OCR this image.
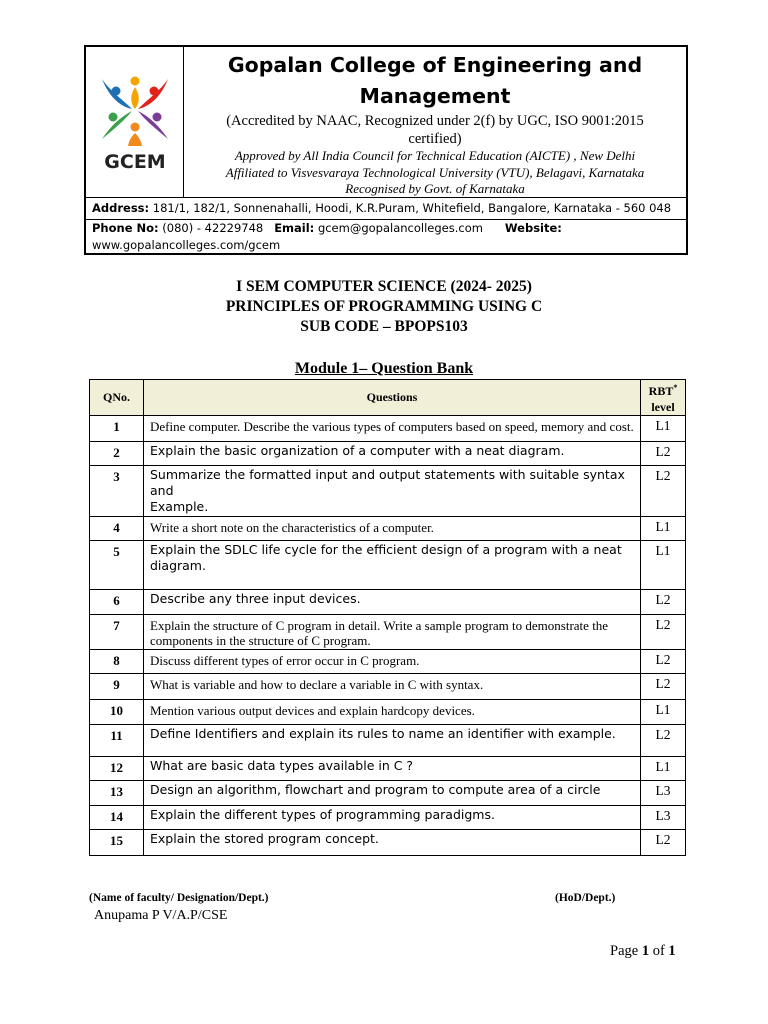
GCEM
Gopalan College of Engineering and Management
(Accredited by NAAC, Recognized under 2(f) by UGC, ISO 9001:2015 certified)
Approved by All India Council for Technical Education (AICTE) , New Delhi
Affiliated to Visvesvaraya Technological University (VTU), Belagavi, Karnataka
Recognised by Govt. of Karnataka
Address: 181/1, 182/1, Sonnenahalli, Hoodi, K.R.Puram, Whitefield, Bangalore, Karnataka - 560 048
Phone No: (080) - 42229748 Email: gcem@gopalancolleges.com Website:
www.gopalancolleges.com/gcem
I SEM COMPUTER SCIENCE (2024- 2025)
PRINCIPLES OF PROGRAMMING USING C
SUB CODE – BPOPS103
Module 1– Question Bank
QNo.	Questions	RBT*
level
1	Define computer. Describe the various types of computers based on speed, memory and cost.	L1
2	Explain the basic organization of a computer with a neat diagram.	L2
3	Summarize the formatted input and output statements with suitable syntax and
Example.	L2
4	Write a short note on the characteristics of a computer.	L1
5	Explain the SDLC life cycle for the efficient design of a program with a neat
diagram.	L1
6	Describe any three input devices.	L2
7	Explain the structure of C program in detail. Write a sample program to demonstrate the components in the structure of C program.	L2
8	Discuss different types of error occur in C program.	L2
9	What is variable and how to declare a variable in C with syntax.	L2
10	Mention various output devices and explain hardcopy devices.	L1
11	Define Identifiers and explain its rules to name an identifier with example.	L2
12	What are basic data types available in C ?	L1
13	Design an algorithm, flowchart and program to compute area of a circle	L3
14	Explain the different types of programming paradigms.	L3
15	Explain the stored program concept.	L2
(Name of faculty/ Designation/Dept.)	(HoD/Dept.)
Anupama P V/A.P/CSE
Page 1 of 1
